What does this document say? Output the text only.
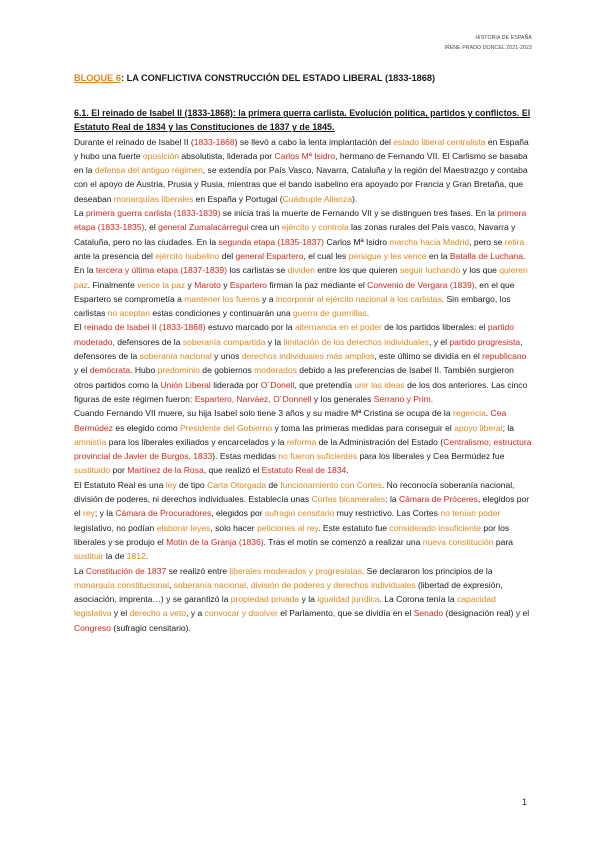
HISTORIA DE ESPAÑA
IRENE PRADO DONCEL 2021-2022
BLOQUE 6: LA CONFLICTIVA CONSTRUCCIÓN DEL ESTADO LIBERAL (1833-1868)

6.1. El reinado de Isabel II (1833-1868): la primera guerra carlista. Evolución política, partidos y conflictos. El Estatuto Real de 1834 y las Constituciones de 1837 y de 1845.

Durante el reinado de Isabel II (1833-1868) se llevó a cabo la lenta implantación del estado liberal centralista en España y hubo una fuerte oposición absolutista, liderada por Carlos Mª Isidro, hermano de Fernando VII. El Carlismo se basaba en la defensa del antiguo régimen, se extendía por País Vasco, Navarra, Cataluña y la región del Maestrazgo y contaba con el apoyo de Austria, Prusia y Rusia, mientras que el bando isabelino era apoyado por Francia y Gran Bretaña, que deseaban monarquías liberales en España y Portugal (Cuádruple Alianza).

La primera guerra carlista (1833-1839) se inicia tras la muerte de Fernando VII y se distinguen tres fases. En la primera etapa (1833-1835), el general Zumalacárregui crea un ejército y controla las zonas rurales del País vasco, Navarra y Cataluña, pero no las ciudades. En la segunda etapa (1835-1837) Carlos Mª Isidro marcha hacia Madrid, pero se retira ante la presencia del ejército Isabelino del general Espartero, el cual les persigue y les vence en la Batalla de Luchana. En la tercera y última etapa (1837-1839) los carlistas se dividen entre los que quieren seguir luchando y los que quieren paz. Finalmente vence la paz y Maroto y Espartero firman la paz mediante el Convenio de Vergara (1839), en el que Espartero se comprometía a mantener los fueros y a incorporar al ejército nacional a los carlistas. Sin embargo, los carlistas no aceptan estas condiciones y continuarán una guerra de guerrillas.

El reinado de Isabel II (1833-1868) estuvo marcado por la alternancia en el poder de los partidos liberales: el partido moderado, defensores de la soberanía compartida y la limitación de los derechos individuales, y el partido progresista, defensores de la soberanía nacional y unos derechos individuales más amplios, este último se dividía en el republicano y el demócrata. Hubo predominio de gobiernos moderados debido a las preferencias de Isabel II. También surgieron otros partidos como la Unión Liberal liderada por O´Donell, que pretendía unir las ideas de los dos anteriores. Las cinco figuras de este régimen fueron: Espartero, Narváez, O´Donnell y los generales Serrano y Prim.

Cuando Fernando VII muere, su hija Isabel solo tiene 3 años y su madre Mª Cristina se ocupa de la regencia. Cea Bermúdez es elegido como Presidente del Gobierno y toma las primeras medidas para conseguir el apoyo liberal; la amnistía para los liberales exiliados y encarcelados y la reforma de la Administración del Estado (Centralismo; estructura provincial de Javier de Burgos, 1833). Estas medidas no fueron suficientes para los liberales y Cea Bermúdez fue sustituido por Martínez de la Rosa, que realizó el Estatuto Real de 1834.

El Estatuto Real es una ley de tipo Carta Otorgada de funcionamiento con Cortes. No reconocía soberanía nacional, división de poderes, ni derechos individuales. Establecía unas Cortes bicamerales: la Cámara de Próceres, elegidos por el rey; y la Cámara de Procuradores, elegidos por sufragio censitario muy restrictivo. Las Cortes no tenían poder legislativo, no podían elaborar leyes, solo hacer peticiones al rey. Este estatuto fue considerado insuficiente por los liberales y se produjo el Motín de la Granja (1836). Tras el motín se comenzó a realizar una nueva constitución para sustituir la de 1812.

La Constitución de 1837 se realizó entre liberales moderados y progresistas. Se declararon los principios de la monarquía constitucional, soberanía nacional, división de poderes y derechos individuales (libertad de expresión, asociación, imprenta…) y se garantizó la propiedad privada y la igualdad jurídica. La Corona tenía la capacidad legislativa y el derecho a veto, y a convocar y disolver el Parlamento, que se dividía en el Senado (designación real) y el Congreso (sufragio censitario).

1
